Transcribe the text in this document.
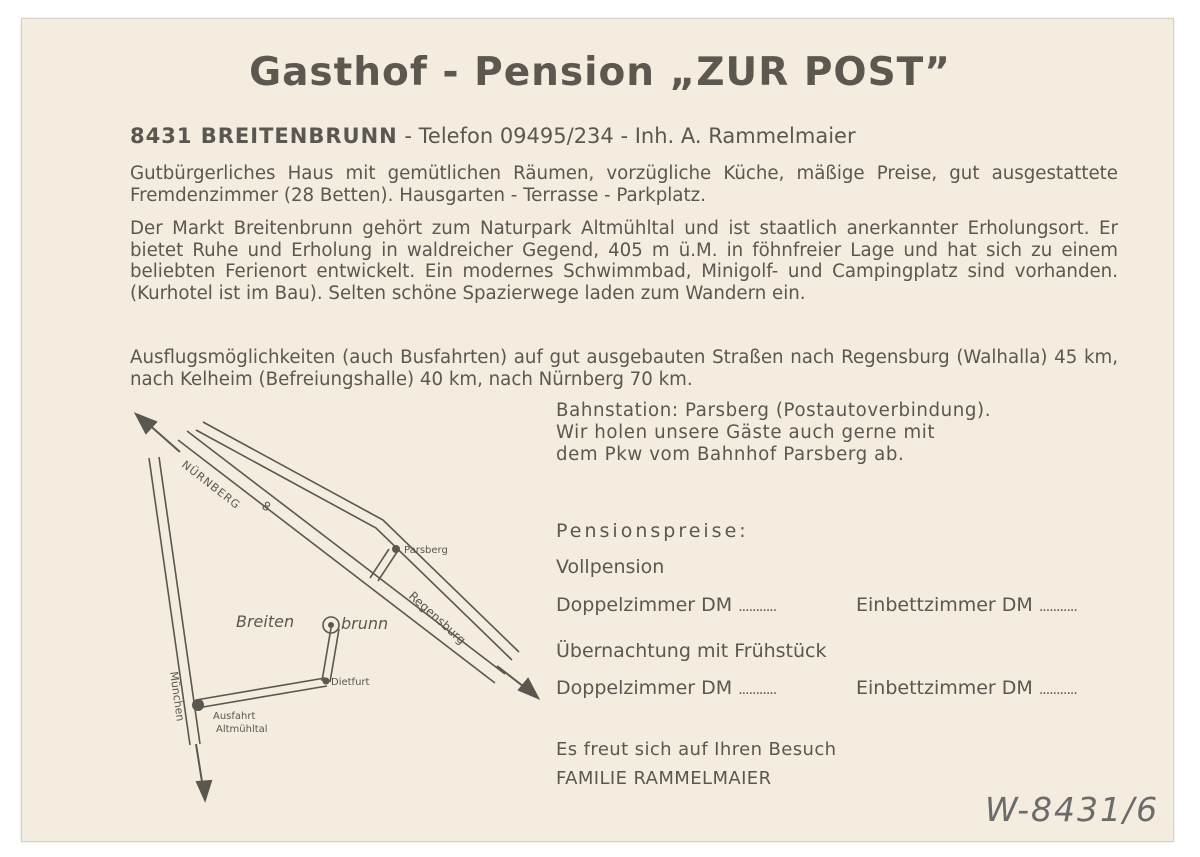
Gasthof - Pension „ZUR POST”
8431 BREITENBRUNN - Telefon 09495/234 - Inh. A. Rammelmaier
Gutbürgerliches Haus mit gemütlichen Räumen, vorzügliche Küche, mäßige Preise, gut ausgestattete Fremdenzimmer (28 Betten). Hausgarten - Terrasse - Parkplatz.
Der Markt Breitenbrunn gehört zum Naturpark Altmühltal und ist staatlich anerkannter Erholungsort. Er bietet Ruhe und Erholung in waldreicher Gegend, 405 m ü.M. in föhnfreier Lage und hat sich zu einem beliebten Ferienort entwickelt. Ein modernes Schwimmbad, Minigolf- und Campingplatz sind vorhanden. (Kurhotel ist im Bau). Selten schöne Spazierwege laden zum Wandern ein.
Ausflugsmöglichkeiten (auch Busfahrten) auf gut ausgebauten Straßen nach Regensburg (Walhalla) 45 km, nach Kelheim (Befreiungshalle) 40 km, nach Nürnberg 70 km.
Bahnstation: Parsberg (Postautoverbindung).
Wir holen unsere Gäste auch gerne mit
dem Pkw vom Bahnhof Parsberg ab.
Pensionspreise:
Vollpension
Doppelzimmer DM ...........	Einbettzimmer DM ...........
Übernachtung mit Frühstück
Doppelzimmer DM ...........	Einbettzimmer DM ...........
Es freut sich auf Ihren Besuch
FAMILIE RAMMELMAIER
W-8431/6
NÜRNBERG 8
Parsberg
Regensburg
Breiten	brunn
Dietfurt
München	Ausfahrt
Altmühltal
